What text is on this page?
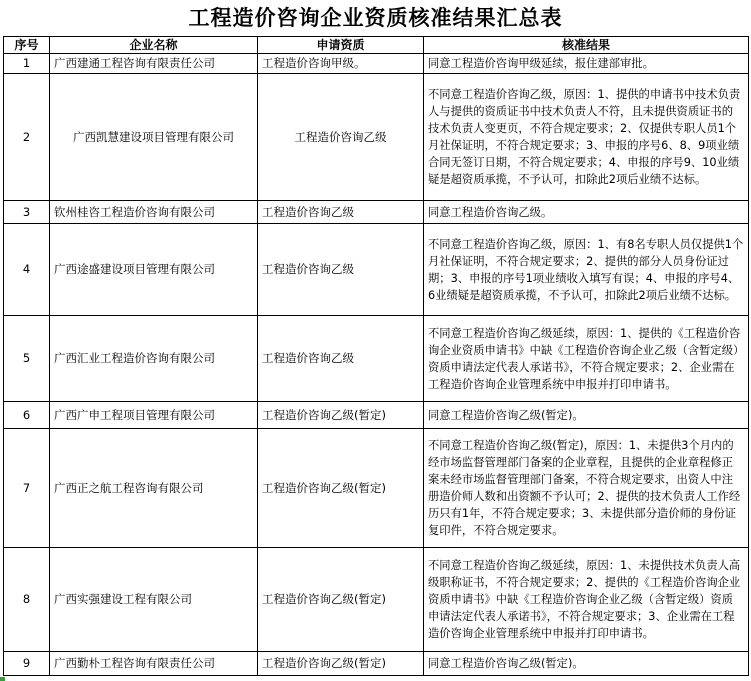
工程造价咨询企业资质核准结果汇总表
序号	企业名称	申请资质	核准结果
1	广西建通工程咨询有限责任公司	工程造价咨询甲级。	同意工程造价咨询甲级延续，报住建部审批。
2	广西凯慧建设项目管理有限公司	工程造价咨询乙级	不同意工程造价咨询乙级，原因：1、提供的申请书中技术负责人与提供的资质证书中技术负责人不符，且未提供资质证书的技术负责人变更页，不符合规定要求；2、仅提供专职人员1个月社保证明，不符合规定要求；3、申报的序号6、8、9项业绩合同无签订日期，不符合规定要求；4、申报的序号9、10业绩疑是超资质承揽，不予认可，扣除此2项后业绩不达标。
3	钦州桂咨工程造价咨询有限公司	工程造价咨询乙级	同意工程造价咨询乙级。
4	广西途盛建设项目管理有限公司	工程造价咨询乙级	不同意工程造价咨询乙级，原因：1、有8名专职人员仅提供1个月社保证明，不符合规定要求；2、提供的部分人员身份证过期；3、申报的序号1项业绩收入填写有误；4、申报的序号4、6业绩疑是超资质承揽，不予认可，扣除此2项后业绩不达标。
5	广西汇业工程造价咨询有限公司	工程造价咨询乙级	不同意工程造价咨询乙级延续，原因：1、提供的《工程造价咨询企业资质申请书》中缺《工程造价咨询企业乙级（含暂定级）资质申请法定代表人承诺书》，不符合规定要求；2、企业需在工程造价咨询企业管理系统中申报并打印申请书。
6	广西广申工程项目管理有限公司	工程造价咨询乙级(暂定)	同意工程造价咨询乙级(暂定)。
7	广西正之航工程咨询有限公司	工程造价咨询乙级(暂定)	不同意工程造价咨询乙级(暂定)，原因：1、未提供3个月内的经市场监督管理部门备案的企业章程，且提供的企业章程修正案未经市场监督管理部门备案，不符合规定要求，出资人中注册造价师人数和出资额不予认可；2、提供的技术负责人工作经历只有1年，不符合规定要求；3、未提供部分造价师的身份证复印件，不符合规定要求。
8	广西实强建设工程有限公司	工程造价咨询乙级(暂定)	不同意工程造价咨询乙级延续，原因：1、未提供技术负责人高级职称证书，不符合规定要求；2、提供的《工程造价咨询企业资质申请书》中缺《工程造价咨询企业乙级（含暂定级）资质申请法定代表人承诺书》，不符合规定要求；3、企业需在工程造价咨询企业管理系统中申报并打印申请书。
9	广西勤朴工程咨询有限责任公司	工程造价咨询乙级(暂定)	同意工程造价咨询乙级(暂定)。
